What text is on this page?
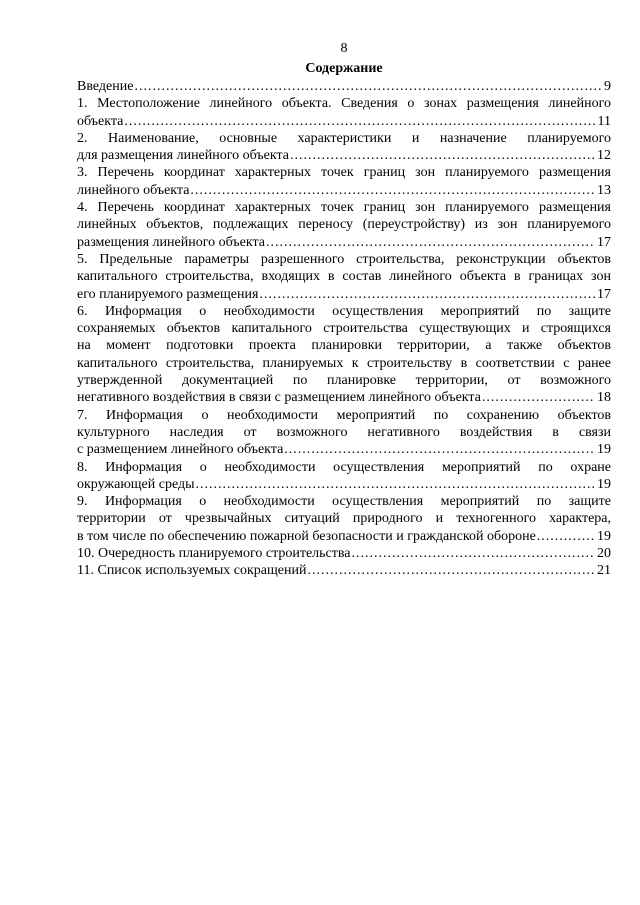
8
Содержание
Введение .....	9
1. Местоположение линейного объекта. Сведения о зонах размещения линейного
объекта .....	11
2. Наименование, основные характеристики и назначение планируемого
для размещения линейного объекта .....	12
3. Перечень координат характерных точек границ зон планируемого размещения
линейного объекта .....	13
4. Перечень координат характерных точек границ зон планируемого размещения
линейных объектов, подлежащих переносу (переустройству) из зон планируемого
размещения линейного объекта .....	17
5. Предельные параметры разрешенного строительства, реконструкции объектов
капитального строительства, входящих в состав линейного объекта в границах зон
его планируемого размещения .....	17
6. Информация о необходимости осуществления мероприятий по защите
сохраняемых объектов капитального строительства существующих и строящихся
на момент подготовки проекта планировки территории, а также объектов
капитального строительства, планируемых к строительству в соответствии с ранее
утвержденной документацией по планировке территории, от возможного
негативного воздействия в связи с размещением линейного объекта .....	18
7. Информация о необходимости мероприятий по сохранению объектов
культурного наследия от возможного негативного воздействия в связи
с размещением линейного объекта .....	19
8. Информация о необходимости осуществления мероприятий по охране
окружающей среды .....	19
9. Информация о необходимости осуществления мероприятий по защите
территории от чрезвычайных ситуаций природного и техногенного характера,
в том числе по обеспечению пожарной безопасности и гражданской обороне .....	19
10. Очередность планируемого строительства .....	20
11. Список используемых сокращений .....	21
